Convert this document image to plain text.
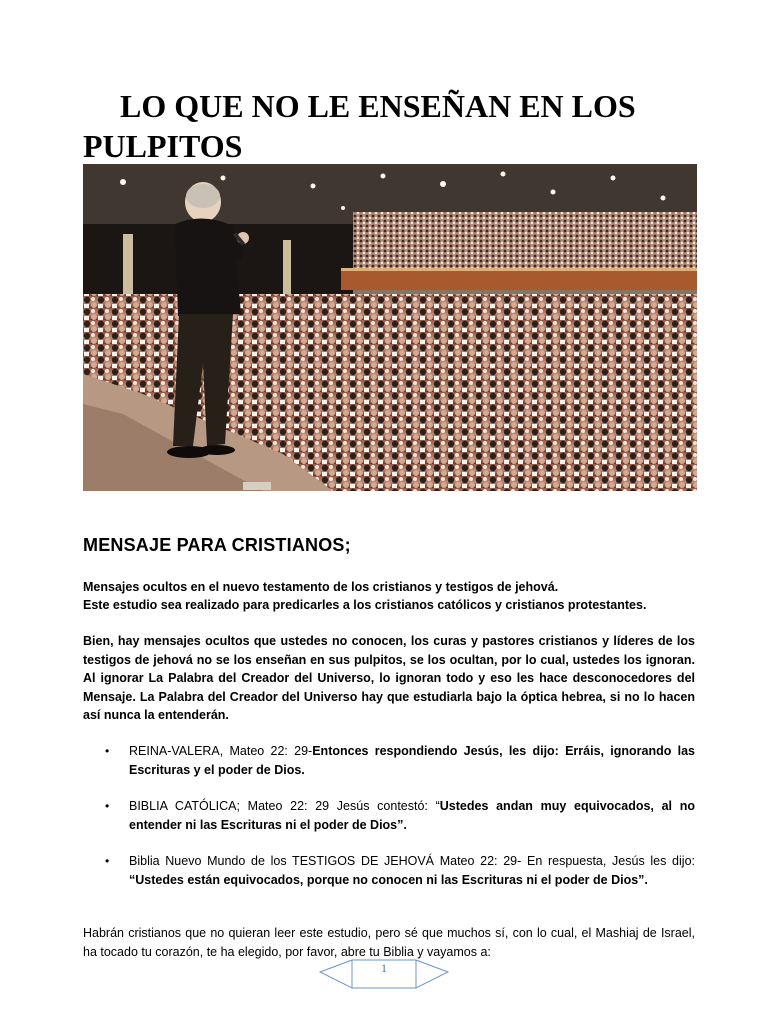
LO QUE NO LE ENSEÑAN EN LOS PULPITOS
MENSAJE PARA CRISTIANOS;

Mensajes ocultos en el nuevo testamento de los cristianos y testigos de jehová.

Este estudio sea realizado para predicarles a los cristianos católicos y cristianos protestantes.

Bien, hay mensajes ocultos que ustedes no conocen, los curas y pastores cristianos y líderes de los testigos de jehová no se los enseñan en sus pulpitos, se los ocultan, por lo cual, ustedes los ignoran. Al ignorar La Palabra del Creador del Universo, lo ignoran todo y eso les hace desconocedores del Mensaje. La Palabra del Creador del Universo hay que estudiarla bajo la óptica hebrea, si no lo hacen así nunca la entenderán.

• REINA-VALERA, Mateo 22: 29-Entonces respondiendo Jesús, les dijo: Erráis, ignorando las Escrituras y el poder de Dios.
• BIBLIA CATÓLICA; Mateo 22: 29 Jesús contestó: “Ustedes andan muy equivocados, al no entender ni las Escrituras ni el poder de Dios”.
• Biblia Nuevo Mundo de los TESTIGOS DE JEHOVÁ Mateo 22: 29- En respuesta, Jesús les dijo: “Ustedes están equivocados, porque no conocen ni las Escrituras ni el poder de Dios”.

Habrán cristianos que no quieran leer este estudio, pero sé que muchos sí, con lo cual, el Mashiaj de Israel, ha tocado tu corazón, te ha elegido, por favor, abre tu Biblia y vayamos a:

1
